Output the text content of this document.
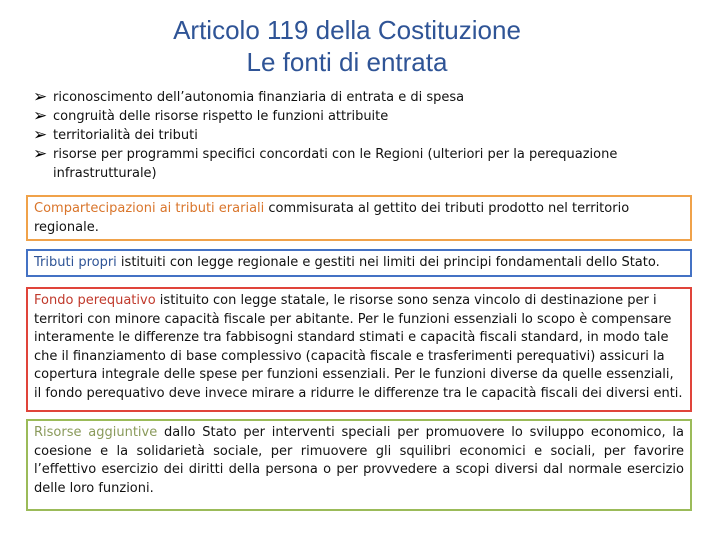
Articolo 119 della Costituzione
Le fonti di entrata
➢ riconoscimento dell’autonomia finanziaria di entrata e di spesa
➢ congruità delle risorse rispetto le funzioni attribuite
➢ territorialità dei tributi
➢ risorse per programmi specifici concordati con le Regioni (ulteriori per la perequazione infrastrutturale)
Compartecipazioni ai tributi erariali commisurata al gettito dei tributi prodotto nel territorio regionale.
Tributi propri istituiti con legge regionale e gestiti nei limiti dei principi fondamentali dello Stato.
Fondo perequativo istituito con legge statale, le risorse sono senza vincolo di destinazione per i territori con minore capacità fiscale per abitante. Per le funzioni essenziali lo scopo è compensare interamente le differenze tra fabbisogni standard stimati e capacità fiscali standard, in modo tale che il finanziamento di base complessivo (capacità fiscale e trasferimenti perequativi) assicuri la copertura integrale delle spese per funzioni essenziali. Per le funzioni diverse da quelle essenziali, il fondo perequativo deve invece mirare a ridurre le differenze tra le capacità fiscali dei diversi enti.
Risorse aggiuntive dallo Stato per interventi speciali per promuovere lo sviluppo economico, la coesione e la solidarietà sociale, per rimuovere gli squilibri economici e sociali, per favorire l’effettivo esercizio dei diritti della persona o per provvedere a scopi diversi dal normale esercizio delle loro funzioni.
